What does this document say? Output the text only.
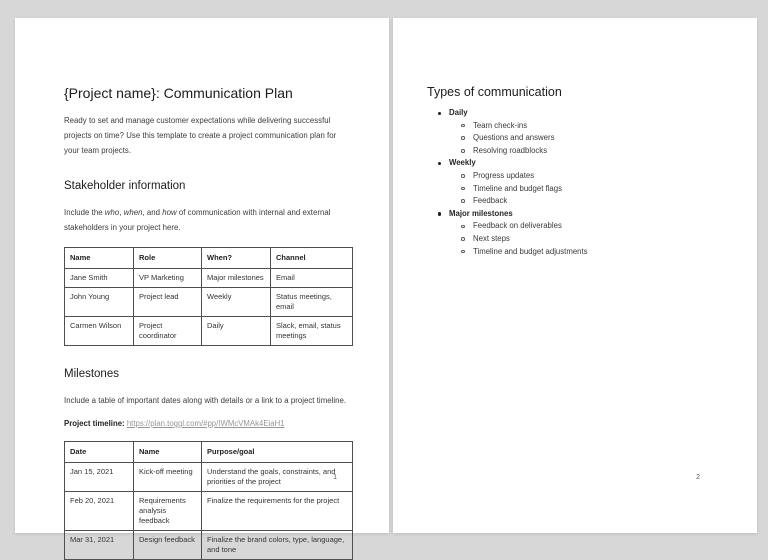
{Project name}: Communication Plan

Ready to set and manage customer expectations while delivering successful projects on time? Use this template to create a project communication plan for your team projects.

Stakeholder information

Include the who, when, and how of communication with internal and external stakeholders in your project here.

Name	Role	When?	Channel
Jane Smith	VP Marketing	Major milestones	Email
John Young	Project lead	Weekly	Status meetings, email
Carmen Wilson	Project coordinator	Daily	Slack, email, status meetings
Milestones

Include a table of important dates along with details or a link to a project timeline.

Project timeline: https://plan.toggl.com/#pp/IWMcVMAk4EiaH1

Date	Name	Purpose/goal
Jan 15, 2021	Kick-off meeting	Understand the goals, constraints, and priorities of the project
Feb 20, 2021	Requirements analysis feedback	Finalize the requirements for the project
Mar 31, 2021	Design feedback	Finalize the brand colors, type, language, and tone
1
Types of communication
Daily
Team check-ins
Questions and answers
Resolving roadblocks
Weekly
Progress updates
Timeline and budget flags
Feedback
Major milestones
Feedback on deliverables
Next steps
Timeline and budget adjustments
2
